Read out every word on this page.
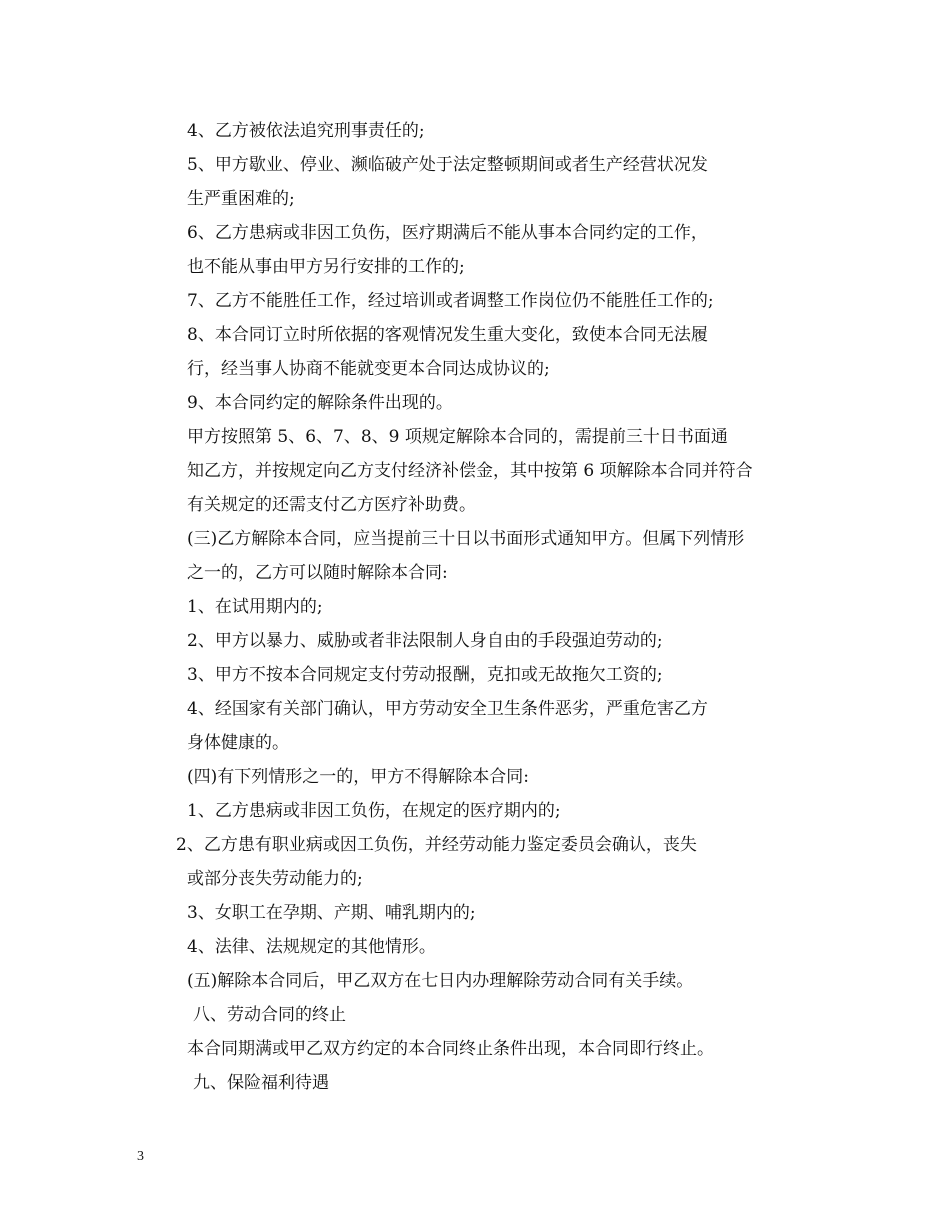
4、乙方被依法追究刑事责任的;
5、甲方歇业、停业、濒临破产处于法定整顿期间或者生产经营状况发
生严重困难的;
6、乙方患病或非因工负伤，医疗期满后不能从事本合同约定的工作，
也不能从事由甲方另行安排的工作的;
7、乙方不能胜任工作，经过培训或者调整工作岗位仍不能胜任工作的;
8、本合同订立时所依据的客观情况发生重大变化，致使本合同无法履
行，经当事人协商不能就变更本合同达成协议的;
9、本合同约定的解除条件出现的。
甲方按照第 5、6、7、8、9 项规定解除本合同的，需提前三十日书面通
知乙方，并按规定向乙方支付经济补偿金，其中按第 6 项解除本合同并符合
有关规定的还需支付乙方医疗补助费。
(三)乙方解除本合同，应当提前三十日以书面形式通知甲方。但属下列情形
之一的，乙方可以随时解除本合同:
1、在试用期内的;
2、甲方以暴力、威胁或者非法限制人身自由的手段强迫劳动的;
3、甲方不按本合同规定支付劳动报酬，克扣或无故拖欠工资的;
4、经国家有关部门确认，甲方劳动安全卫生条件恶劣，严重危害乙方
身体健康的。
(四)有下列情形之一的，甲方不得解除本合同:
1、乙方患病或非因工负伤，在规定的医疗期内的;
2、乙方患有职业病或因工负伤，并经劳动能力鉴定委员会确认，丧失
或部分丧失劳动能力的;
3、女职工在孕期、产期、哺乳期内的;
4、法律、法规规定的其他情形。
(五)解除本合同后，甲乙双方在七日内办理解除劳动合同有关手续。
八、劳动合同的终止
本合同期满或甲乙双方约定的本合同终止条件出现，本合同即行终止。
九、保险福利待遇
3
